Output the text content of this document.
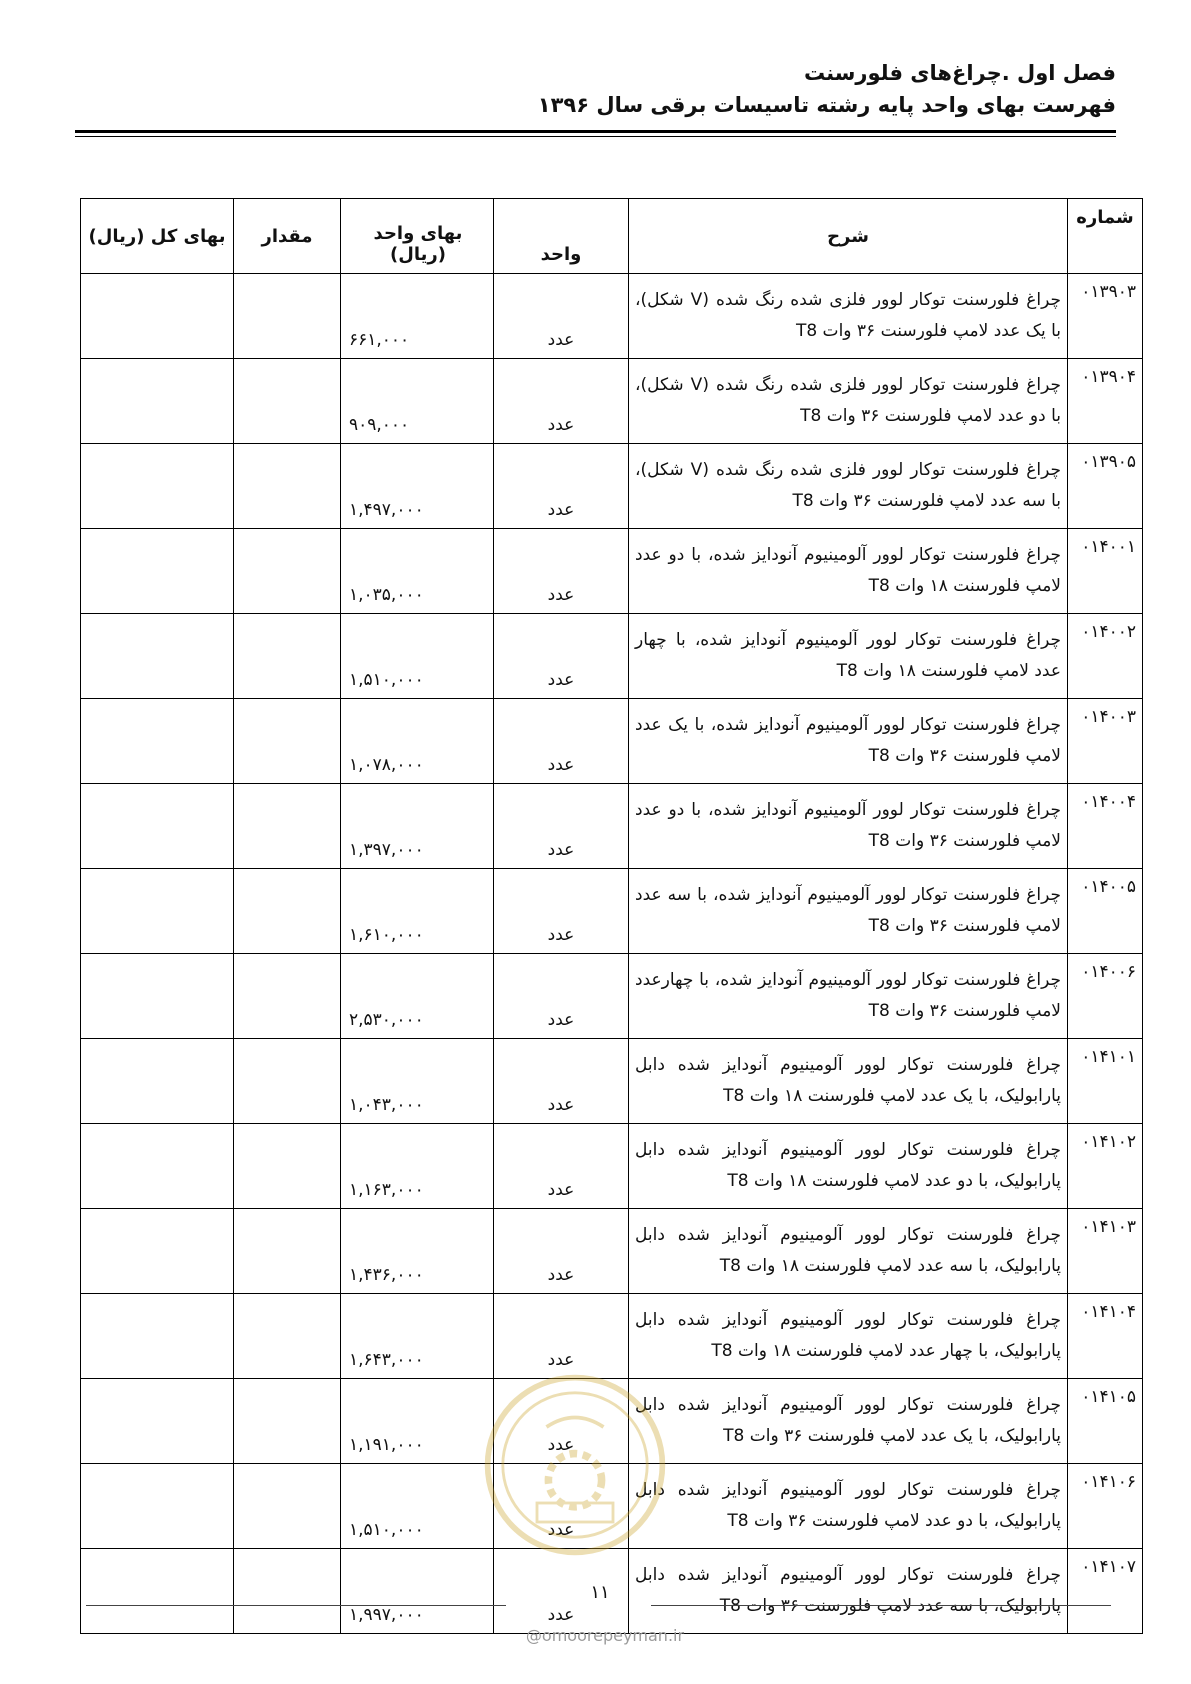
فصل اول .چراغ‌های فلورسنت
فهرست بهای واحد پایه رشته تاسیسات برقی سال ۱۳۹۶
شماره	شرح	واحد	بهای واحد (ریال)	مقدار	بهای کل (ریال)
۰۱۳۹۰۳	چراغ فلورسنت توکار لوور فلزی شده رنگ شده (V شکل)، با یک عدد لامپ فلورسنت ۳۶ وات T8	عدد	۶۶۱,۰۰۰		
۰۱۳۹۰۴	چراغ فلورسنت توکار لوور فلزی شده رنگ شده (V شکل)، با دو عدد لامپ فلورسنت ۳۶ وات T8	عدد	۹۰۹,۰۰۰		
۰۱۳۹۰۵	چراغ فلورسنت توکار لوور فلزی شده رنگ شده (V شکل)، با سه عدد لامپ فلورسنت ۳۶ وات T8	عدد	۱,۴۹۷,۰۰۰		
۰۱۴۰۰۱	چراغ فلورسنت توکار لوور آلومینیوم آنودایز شده، با دو عدد لامپ فلورسنت ۱۸ وات T8	عدد	۱,۰۳۵,۰۰۰		
۰۱۴۰۰۲	چراغ فلورسنت توکار لوور آلومینیوم آنودایز شده، با چهار عدد لامپ فلورسنت ۱۸ وات T8	عدد	۱,۵۱۰,۰۰۰		
۰۱۴۰۰۳	چراغ فلورسنت توکار لوور آلومینیوم آنودایز شده، با یک عدد لامپ فلورسنت ۳۶ وات T8	عدد	۱,۰۷۸,۰۰۰		
۰۱۴۰۰۴	چراغ فلورسنت توکار لوور آلومینیوم آنودایز شده، با دو عدد لامپ فلورسنت ۳۶ وات T8	عدد	۱,۳۹۷,۰۰۰		
۰۱۴۰۰۵	چراغ فلورسنت توکار لوور آلومینیوم آنودایز شده، با سه عدد لامپ فلورسنت ۳۶ وات T8	عدد	۱,۶۱۰,۰۰۰		
۰۱۴۰۰۶	چراغ فلورسنت توکار لوور آلومینیوم آنودایز شده، با چهارعدد لامپ فلورسنت ۳۶ وات T8	عدد	۲,۵۳۰,۰۰۰		
۰۱۴۱۰۱	چراغ فلورسنت توکار لوور آلومینیوم آنودایز شده دابل پارابولیک، با یک عدد لامپ فلورسنت ۱۸ وات T8	عدد	۱,۰۴۳,۰۰۰		
۰۱۴۱۰۲	چراغ فلورسنت توکار لوور آلومینیوم آنودایز شده دابل پارابولیک، با دو عدد لامپ فلورسنت ۱۸ وات T8	عدد	۱,۱۶۳,۰۰۰		
۰۱۴۱۰۳	چراغ فلورسنت توکار لوور آلومینیوم آنودایز شده دابل پارابولیک، با سه عدد لامپ فلورسنت ۱۸ وات T8	عدد	۱,۴۳۶,۰۰۰		
۰۱۴۱۰۴	چراغ فلورسنت توکار لوور آلومینیوم آنودایز شده دابل پارابولیک، با چهار عدد لامپ فلورسنت ۱۸ وات T8	عدد	۱,۶۴۳,۰۰۰		
۰۱۴۱۰۵	چراغ فلورسنت توکار لوور آلومینیوم آنودایز شده دابل پارابولیک، با یک عدد لامپ فلورسنت ۳۶ وات T8	عدد	۱,۱۹۱,۰۰۰		
۰۱۴۱۰۶	چراغ فلورسنت توکار لوور آلومینیوم آنودایز شده دابل پارابولیک، با دو عدد لامپ فلورسنت ۳۶ وات T8	عدد	۱,۵۱۰,۰۰۰		
۰۱۴۱۰۷	چراغ فلورسنت توکار لوور آلومینیوم آنودایز شده دابل پارابولیک، با سه عدد لامپ فلورسنت ۳۶ وات T8	عدد	۱,۹۹۷,۰۰۰		
۱۱
@omoorepeyman.ir
